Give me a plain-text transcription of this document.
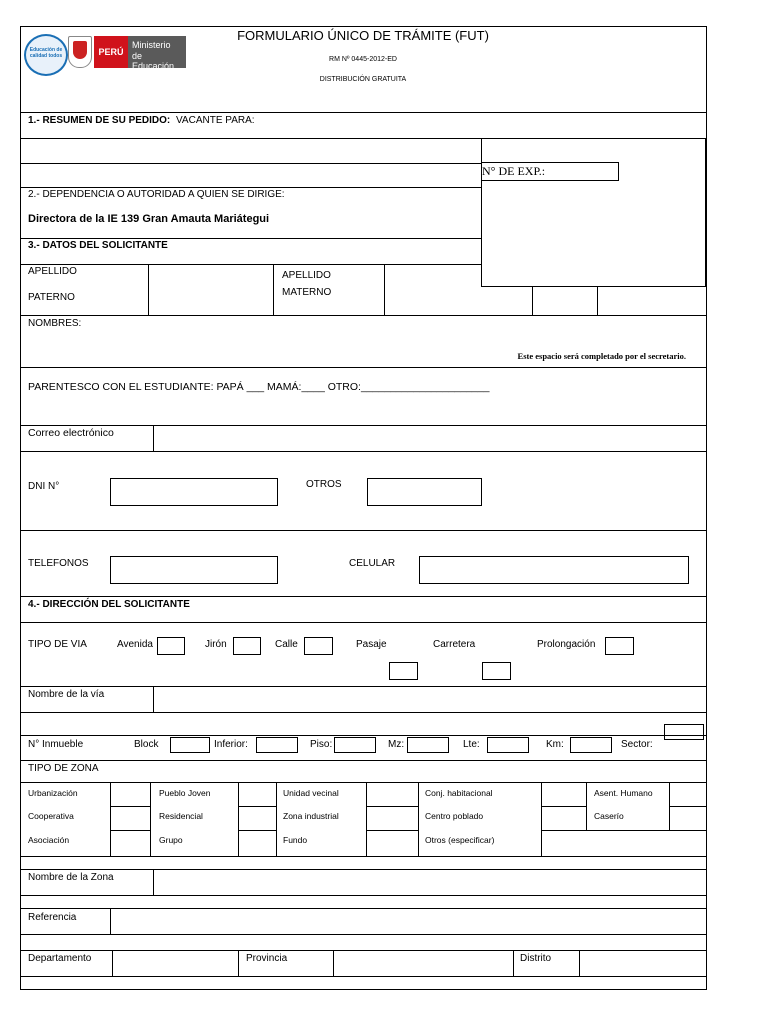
Educación de calidad todos	PERÚ
Ministerio
de Educación
FORMULARIO ÚNICO DE TRÁMITE (FUT)
RM Nº 0445-2012-ED
DISTRIBUCIÓN GRATUITA
1.- RESUMEN DE SU PEDIDO: VACANTE PARA:
N° DE EXP.:
Este espacio será completado por el secretario.
2.- DEPENDENCIA O AUTORIDAD A QUIEN SE DIRIGE:
Directora de la IE 139 Gran Amauta Mariátegui
3.- DATOS DEL SOLICITANTE
APELLIDO
PATERNO
APELLIDO
MATERNO
NOMBRES:
PARENTESCO CON EL ESTUDIANTE: PAPÁ ___ MAMÁ:____ OTRO:______________________
Correo electrónico
DNI N°	OTROS
TELEFONOS	CELULAR
4.- DIRECCIÓN DEL SOLICITANTE
TIPO DE VIA	Avenida	Jirón	Calle	Pasaje	Carretera	Prolongación
Nombre de la vía
N° Inmueble	Block	Inferior:	Piso:	Mz:	Lte:	Km:	Sector:
TIPO DE ZONA
Urbanización	Pueblo Joven	Unidad vecinal	Conj. habitacional	Asent. Humano
Cooperativa	Residencial	Zona industrial	Centro poblado	Caserío
Asociación	Grupo	Fundo	Otros (especificar)
Nombre de la Zona
Referencia
Departamento	Provincia	Distrito
